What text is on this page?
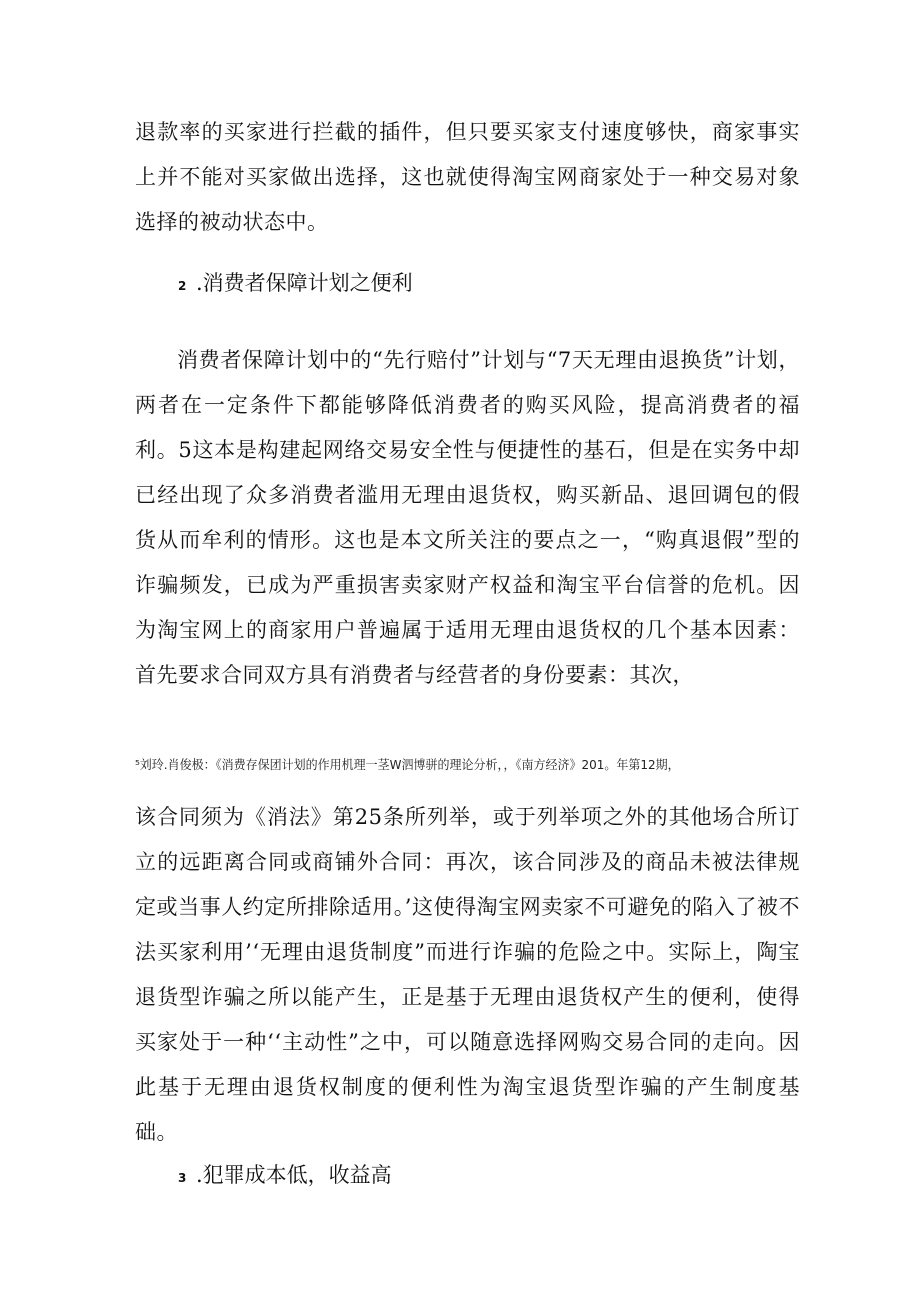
退款率的买家进行拦截的插件，但只要买家支付速度够快，商家事实上并不能对买家做出选择，这也就使得淘宝网商家处于一种交易对象选择的被动状态中。

2 .消费者保障计划之便利

消费者保障计划中的“先行赔付”计划与“7天无理由退换货”计划，两者在一定条件下都能够降低消费者的购买风险，提高消费者的福利。5这本是构建起网络交易安全性与便捷性的基石，但是在实务中却已经出现了众多消费者滥用无理由退货权，购买新品、退回调包的假货从而牟利的情形。这也是本文所关注的要点之一，“购真退假”型的诈骗频发，已成为严重损害卖家财产权益和淘宝平台信誉的危机。因为淘宝网上的商家用户普遍属于适用无理由退货权的几个基本因素：首先要求合同双方具有消费者与经营者的身份要素：其次，

⁵刘玲.肖俊极：《消费存保团计划的作用机理一茎W泗博骈的理论分析，，《南方经济》201。年第12期，

该合同须为《消法》第25条所列举，或于列举项之外的其他场合所订立的远距离合同或商铺外合同：再次，该合同涉及的商品未被法律规定或当事人约定所排除适用。’这使得淘宝网卖家不可避免的陷入了被不法买家利用’‘无理由退货制度”而进行诈骗的危险之中。实际上，陶宝退货型诈骗之所以能产生，正是基于无理由退货权产生的便利，使得买家处于一种‘‘主动性”之中，可以随意选择网购交易合同的走向。因此基于无理由退货权制度的便利性为淘宝退货型诈骗的产生制度基础。

3 .犯罪成本低，收益高
